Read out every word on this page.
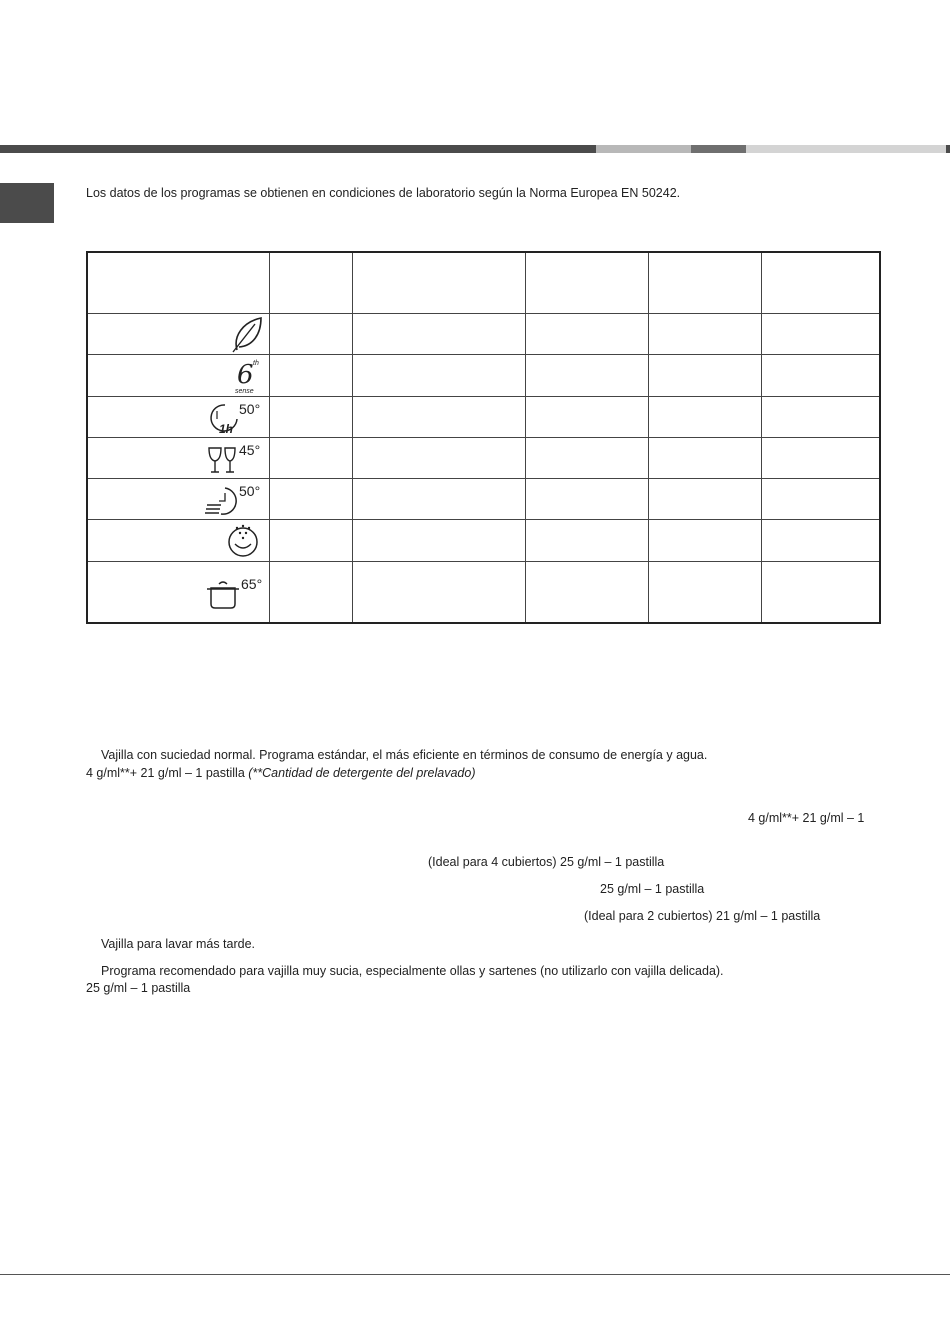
Los datos de los programas se obtienen en condiciones de laboratorio según la Norma Europea EN 50242.

6 th
sense					

1h
50°					

45°					

50°					

65°					

Vajilla con suciedad normal. Programa estándar, el más eficiente en términos de consumo de energía y agua.
4 g/ml**+ 21 g/ml – 1 pastilla (**Cantidad de detergente del prelavado)
4 g/ml**+ 21 g/ml – 1
(Ideal para 4 cubiertos) 25 g/ml – 1 pastilla
25 g/ml – 1 pastilla
(Ideal para 2 cubiertos) 21 g/ml – 1 pastilla
Vajilla para lavar más tarde.
Programa recomendado para vajilla muy sucia, especialmente ollas y sartenes (no utilizarlo con vajilla delicada).
25 g/ml – 1 pastilla
